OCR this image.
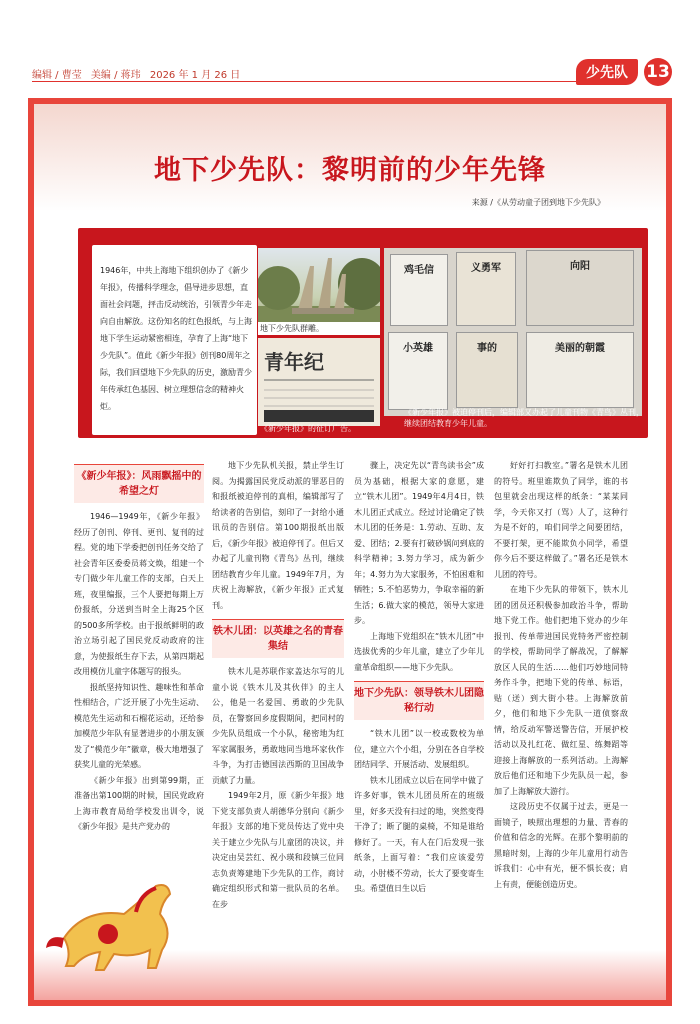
编辑 / 曹莹 美编 / 蒋玮 2026 年 1 月 26 日	少先队	13
地下少先队：黎明前的少年先锋
来源 /《从劳动童子团到地下少先队》
1946年，中共上海地下组织创办了《新少年报》，传播科学理念，倡导进步思想，直面社会问题，抨击反动统治，引领青少年走向自由解放。这份知名的红色报纸，与上海地下学生运动紧密相连，孕育了上海“地下少先队”。值此《新少年报》创刊80周年之际，我们回望地下少先队的历史，激励青少年传承红色基因、树立理想信念的精神火炬。
地下少先队群雕。
青年纪
《新少年报》的征订广告。
鸡毛信	义勇军	向阳
小英雄	事的	美丽的朝霞
《新少年报》被迫停刊后，编辑部又办起了儿童刊物《青鸟》丛刊，继续团结教育少年儿童。
《新少年报》：风雨飘摇中的希望之灯

1946—1949年，《新少年报》经历了创刊、停刊、更刊、复刊的过程。党的地下学委把创刊任务交给了社会青年区委委员蒋文焕，组建一个专门做少年儿童工作的支部，白天上班，夜里编报，三个人要把每期上万份报纸，分送到当时全上海25个区的500多所学校。由于报纸鲜明的政治立场引起了国民党反动政府的注意，为使报纸生存下去，从第四期起改用模仿儿童字体题写的报头。

报纸坚持知识性、趣味性和革命性相结合，广泛开展了小先生运动、模范先生运动和石榴花运动，还给参加模范少年队有显著进步的小朋友颁发了“模范少年”徽章，极大地增强了获奖儿童的光荣感。

《新少年报》出到第99期，正准备出第100期的时候，国民党政府上海市教育局给学校发出训令，说《新少年报》是共产党办的

地下少先队机关报，禁止学生订阅。为揭露国民党反动派的罪恶目的和报纸被迫停刊的真相，编辑部写了给读者的告别信，刻印了一封给小通讯员的告别信。第100期报纸出版后，《新少年报》被迫停刊了。但后又办起了儿童刊物《青鸟》丛刊，继续团结教育少年儿童。1949年7月，为庆祝上海解放，《新少年报》正式复刊。

铁木儿团：以英雄之名的青春集结

铁木儿是苏联作家盖达尔写的儿童小说《铁木儿及其伙伴》的主人公，他是一名爱国、勇敢的少先队员，在警察回乡度假期间，把同村的少先队员组成一个小队，秘密地为红军家属服务，勇敢地同当地坏家伙作斗争，为打击德国法西斯的卫国战争贡献了力量。

1949年2月，原《新少年报》地下党支部负责人胡德华分别向《新少年报》支部的地下党员传达了党中央关于建立少先队与儿童团的决议，并决定由吴芸红、祝小瑛和段镇三位同志负责筹建地下少先队的工作，商讨确定组织形式和第一批队员的名单。在步

骤上，决定先以“青鸟读书会”成员为基础，根据大家的意愿，建立“铁木儿团”。1949年4月4日，铁木儿团正式成立。经过讨论确定了铁木儿团的任务是：1.劳动、互助、友爱、团结；2.要有打破砂锅问到底的科学精神；3.努力学习，成为新少年；4.努力为大家服务，不怕困难和牺牲；5.不怕恶势力，争取幸福的新生活；6.做大家的模范，领导大家进步。

上海地下党组织在“铁木儿团”中选拔优秀的少年儿童，建立了少年儿童革命组织——地下少先队。

地下少先队：领导铁木儿团隐秘行动

“铁木儿团”以一校或数校为单位，建立六个小组，分别在各自学校团结同学、开展活动、发展组织。

铁木儿团成立以后在同学中做了许多好事，铁木儿团员所在的班级里，好多天没有扫过的地，突然变得干净了；断了腿的桌椅，不知是谁给修好了。一天，有人在门后发现一张纸条，上面写着：“我们应该爱劳动，小肘楼不劳动，长大了要变寄生虫。希望值日生以后

好好打扫教室。”署名是铁木儿团的符号。班里谁欺负了同学，谁的书包里就会出现这样的纸条：“某某同学，今天你又打（骂）人了，这种行为是不好的，咱们同学之间要团结，不要打架，更不能欺负小同学，希望你今后不要这样做了。”署名还是铁木儿团的符号。

在地下少先队的带领下，铁木儿团的团员还积极参加政治斗争，帮助地下党工作。他们把地下党办的少年报刊、传单带进国民党特务严密控制的学校，帮助同学了解战况，了解解放区人民的生活……他们巧妙地同特务作斗争，把地下党的传单、标语，贴（送）到大街小巷。上海解放前夕，他们和地下少先队一道侦察敌情，给反动军警送警告信，开展护校活动以及扎红花、做红星、练舞蹈等迎接上海解放的一系列活动。上海解放后他们还和地下少先队员一起，参加了上海解放大游行。

这段历史不仅属于过去，更是一面镜子，映照出理想的力量、青春的价值和信念的光辉。在那个黎明前的黑暗时刻，上海的少年儿童用行动告诉我们：心中有光，便不惧长夜；肩上有责，便能创造历史。
